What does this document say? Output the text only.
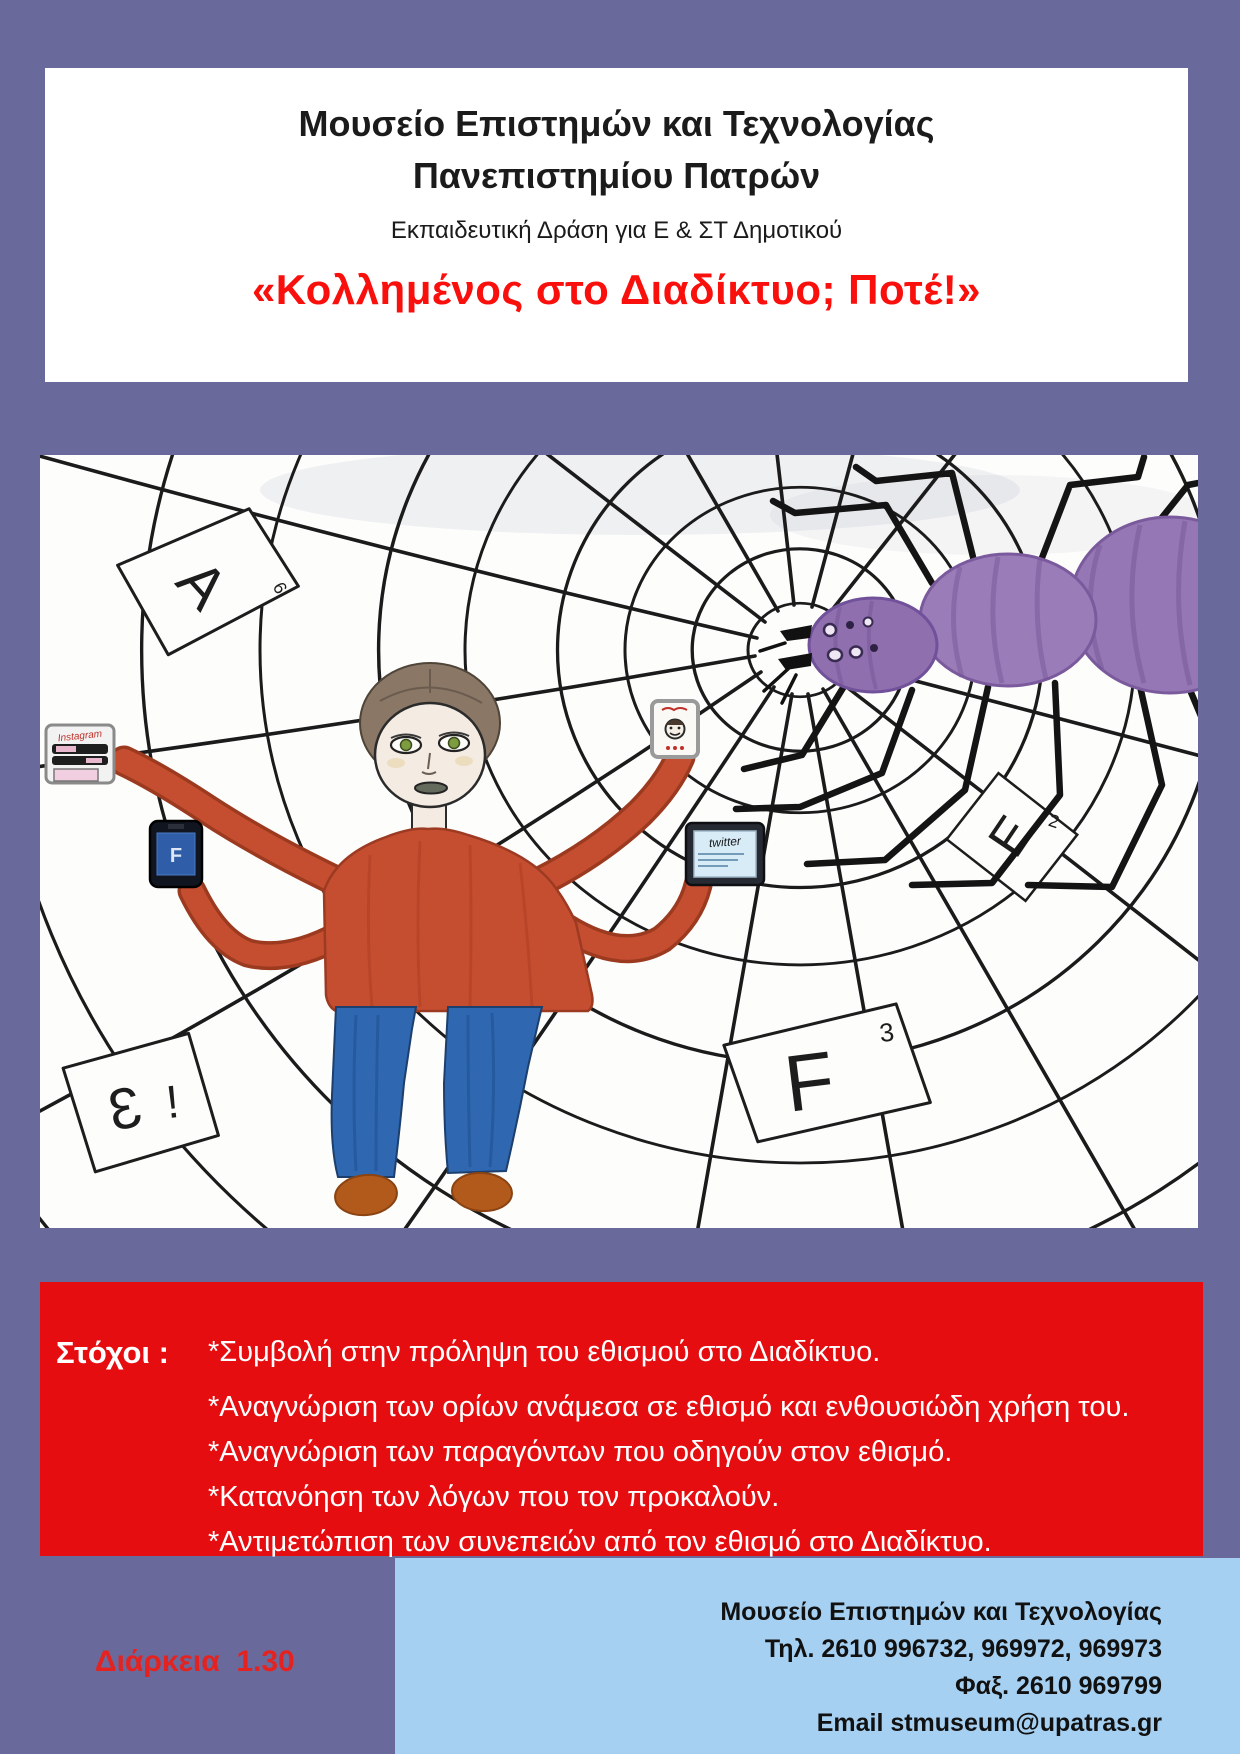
Μουσείο Επιστημών και Τεχνολογίας
Πανεπιστημίου Πατρών
Εκπαιδευτική Δράση για Ε & ΣΤ Δημοτικού
«Κολλημένος στο Διαδίκτυο; Ποτέ!»
A 6
3 !	F
3
E 2
Instagram
F
twitter
Στόχοι :	*Συμβολή στην πρόληψη του εθισμού στο Διαδίκτυο.
*Αναγνώριση των ορίων ανάμεσα σε εθισμό και ενθουσιώδη χρήση του.
*Αναγνώριση των παραγόντων που οδηγούν στον εθισμό.
*Κατανόηση των λόγων που τον προκαλούν.
*Αντιμετώπιση των συνεπειών από τον εθισμό στο Διαδίκτυο.
Διάρκεια  1.30
Μουσείο Επιστημών και Τεχνολογίας
Τηλ. 2610 996732, 969972, 969973
Φαξ. 2610 969799
Email stmuseum@upatras.gr
